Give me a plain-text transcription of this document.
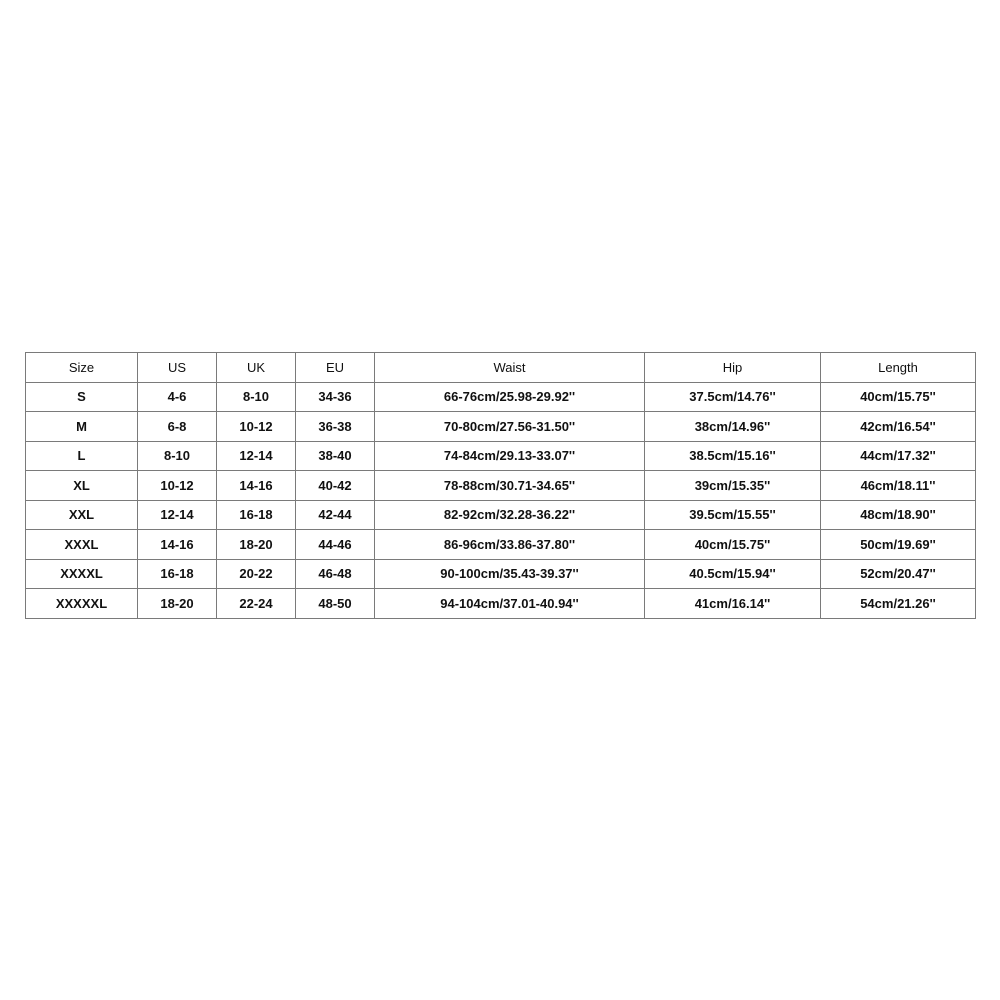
Size	US	UK	EU	Waist	Hip	Length
S	4-6	8-10	34-36	66-76cm/25.98-29.92''	37.5cm/14.76''	40cm/15.75''
M	6-8	10-12	36-38	70-80cm/27.56-31.50''	38cm/14.96''	42cm/16.54''
L	8-10	12-14	38-40	74-84cm/29.13-33.07''	38.5cm/15.16''	44cm/17.32''
XL	10-12	14-16	40-42	78-88cm/30.71-34.65''	39cm/15.35''	46cm/18.11''
XXL	12-14	16-18	42-44	82-92cm/32.28-36.22''	39.5cm/15.55''	48cm/18.90''
XXXL	14-16	18-20	44-46	86-96cm/33.86-37.80''	40cm/15.75''	50cm/19.69''
XXXXL	16-18	20-22	46-48	90-100cm/35.43-39.37''	40.5cm/15.94''	52cm/20.47''
XXXXXL	18-20	22-24	48-50	94-104cm/37.01-40.94''	41cm/16.14''	54cm/21.26''
